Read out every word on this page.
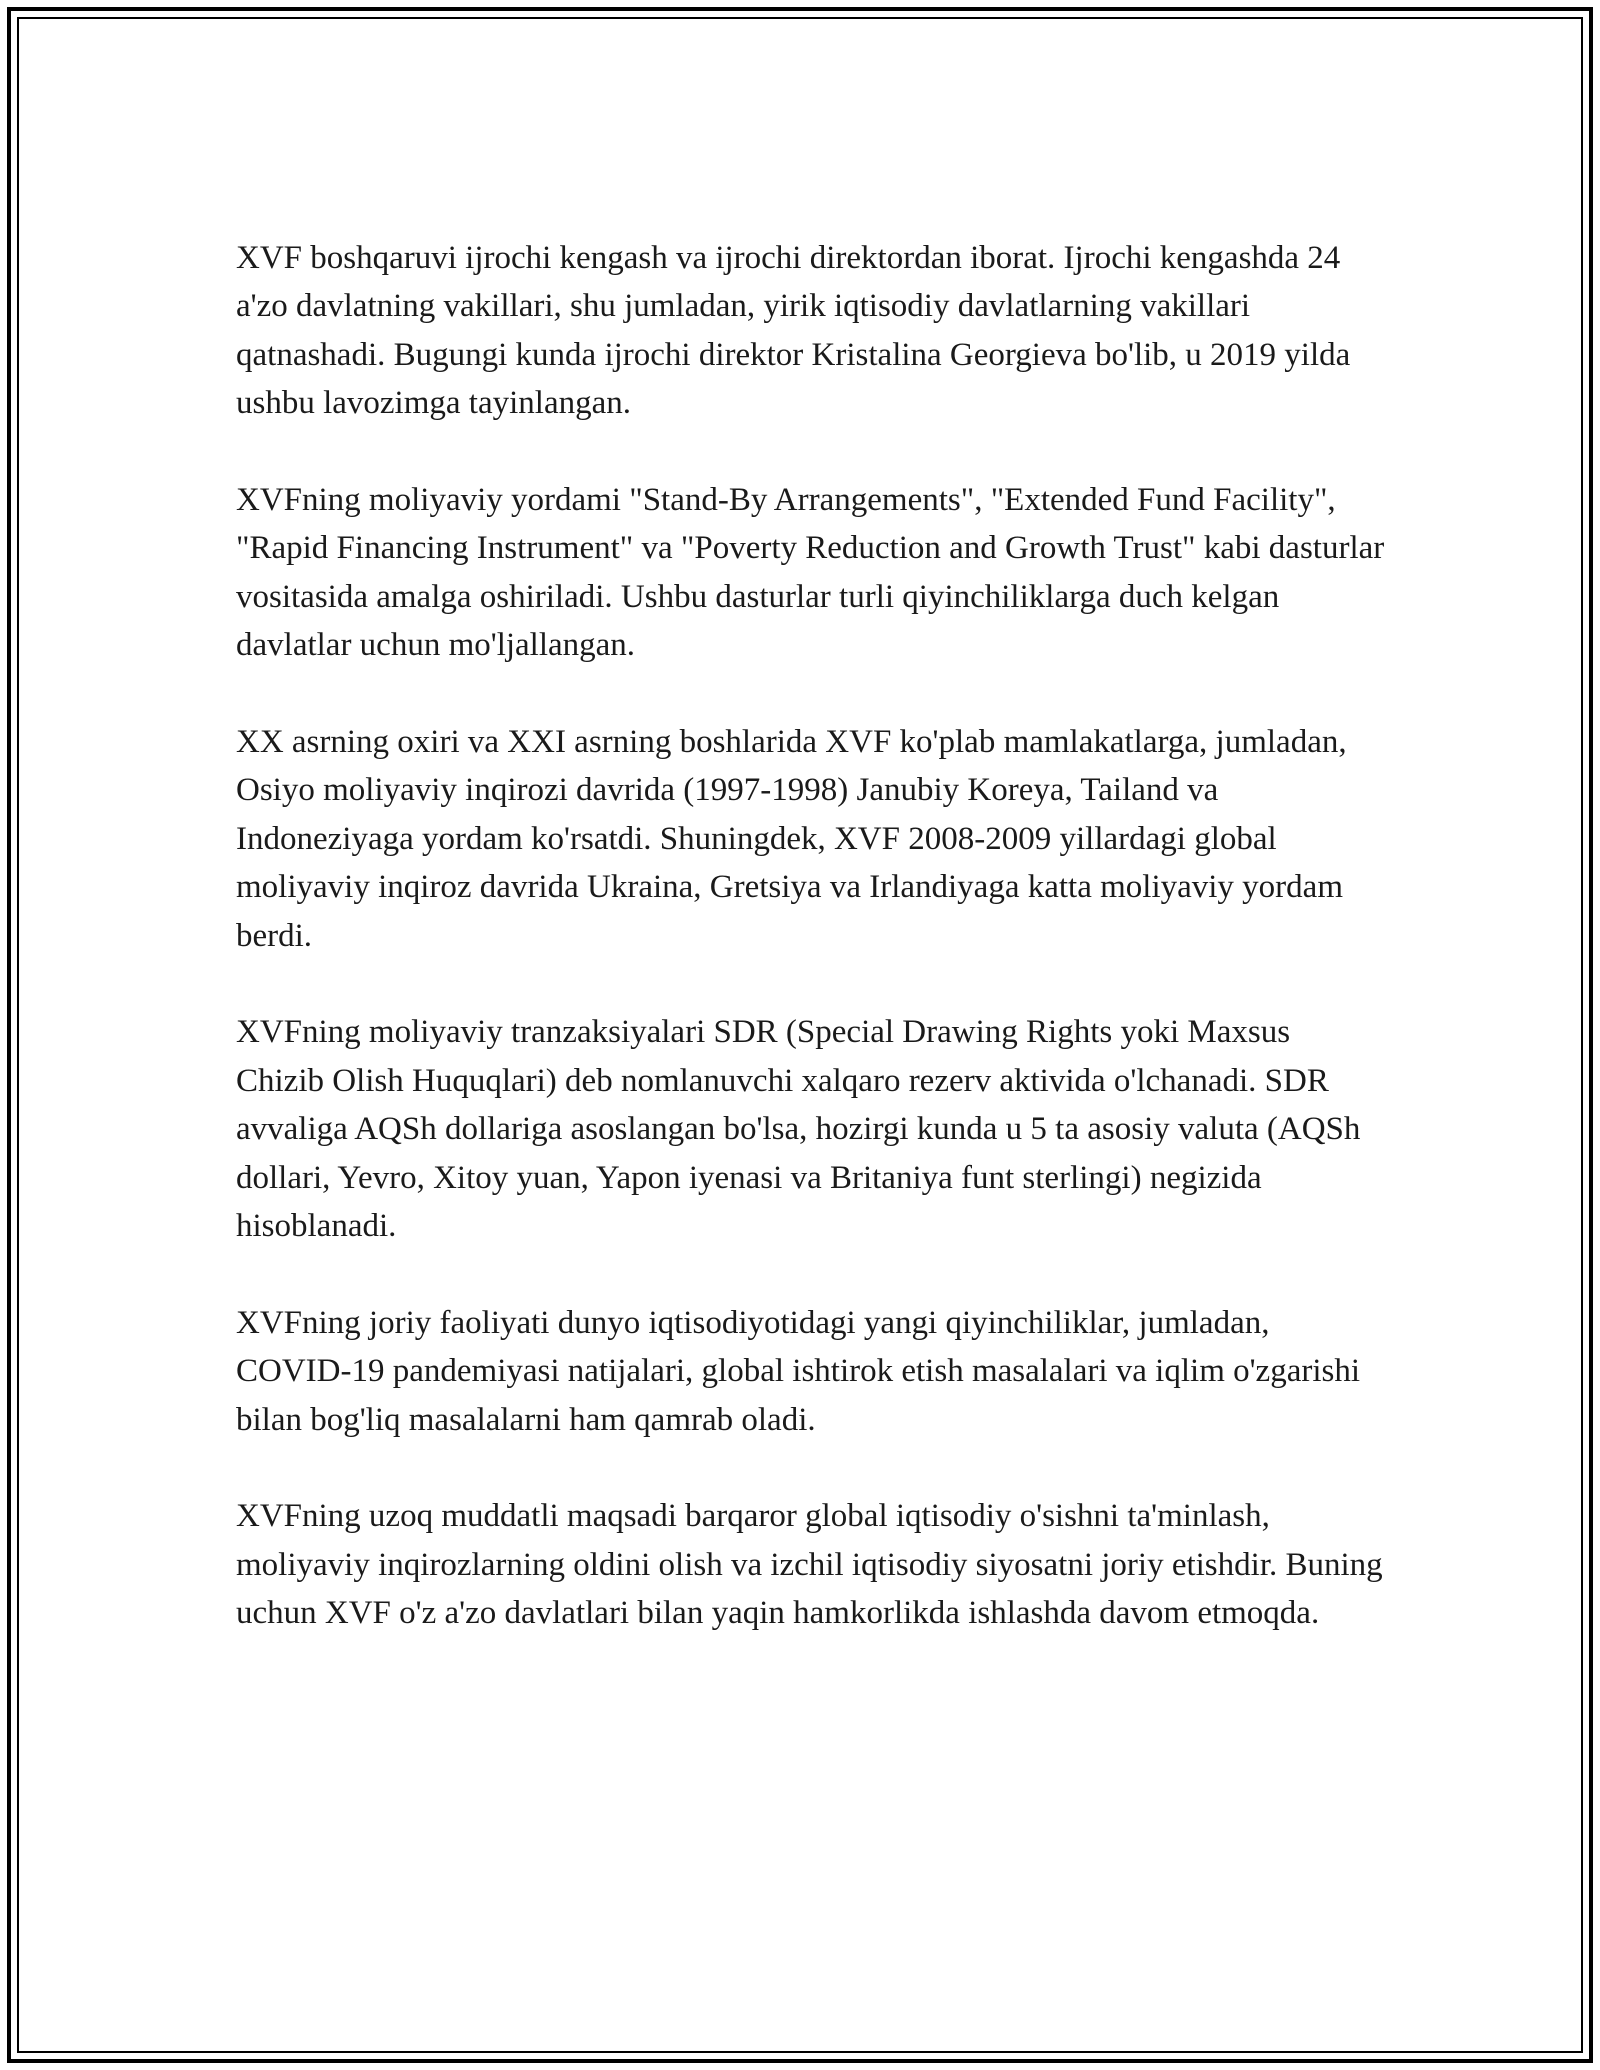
XVF boshqaruvi ijrochi kengash va ijrochi direktordan iborat. Ijrochi kengashda 24 a'zo davlatning vakillari, shu jumladan, yirik iqtisodiy davlatlarning vakillari qatnashadi. Bugungi kunda ijrochi direktor Kristalina Georgieva bo'lib, u 2019 yilda ushbu lavozimga tayinlangan.

XVFning moliyaviy yordami "Stand-By Arrangements", "Extended Fund Facility", "Rapid Financing Instrument" va "Poverty Reduction and Growth Trust" kabi dasturlar vositasida amalga oshiriladi. Ushbu dasturlar turli qiyinchiliklarga duch kelgan davlatlar uchun mo'ljallangan.

XX asrning oxiri va XXI asrning boshlarida XVF ko'plab mamlakatlarga, jumladan, Osiyo moliyaviy inqirozi davrida (1997-1998) Janubiy Koreya, Tailand va Indoneziyaga yordam ko'rsatdi. Shuningdek, XVF 2008-2009 yillardagi global moliyaviy inqiroz davrida Ukraina, Gretsiya va Irlandiyaga katta moliyaviy yordam berdi.

XVFning moliyaviy tranzaksiyalari SDR (Special Drawing Rights yoki Maxsus Chizib Olish Huquqlari) deb nomlanuvchi xalqaro rezerv aktivida o'lchanadi. SDR avvaliga AQSh dollariga asoslangan bo'lsa, hozirgi kunda u 5 ta asosiy valuta (AQSh dollari, Yevro, Xitoy yuan, Yapon iyenasi va Britaniya funt sterlingi) negizida hisoblanadi.

XVFning joriy faoliyati dunyo iqtisodiyotidagi yangi qiyinchiliklar, jumladan, COVID-19 pandemiyasi natijalari, global ishtirok etish masalalari va iqlim o'zgarishi bilan bog'liq masalalarni ham qamrab oladi.

XVFning uzoq muddatli maqsadi barqaror global iqtisodiy o'sishni ta'minlash, moliyaviy inqirozlarning oldini olish va izchil iqtisodiy siyosatni joriy etishdir. Buning uchun XVF o'z a'zo davlatlari bilan yaqin hamkorlikda ishlashda davom etmoqda.
